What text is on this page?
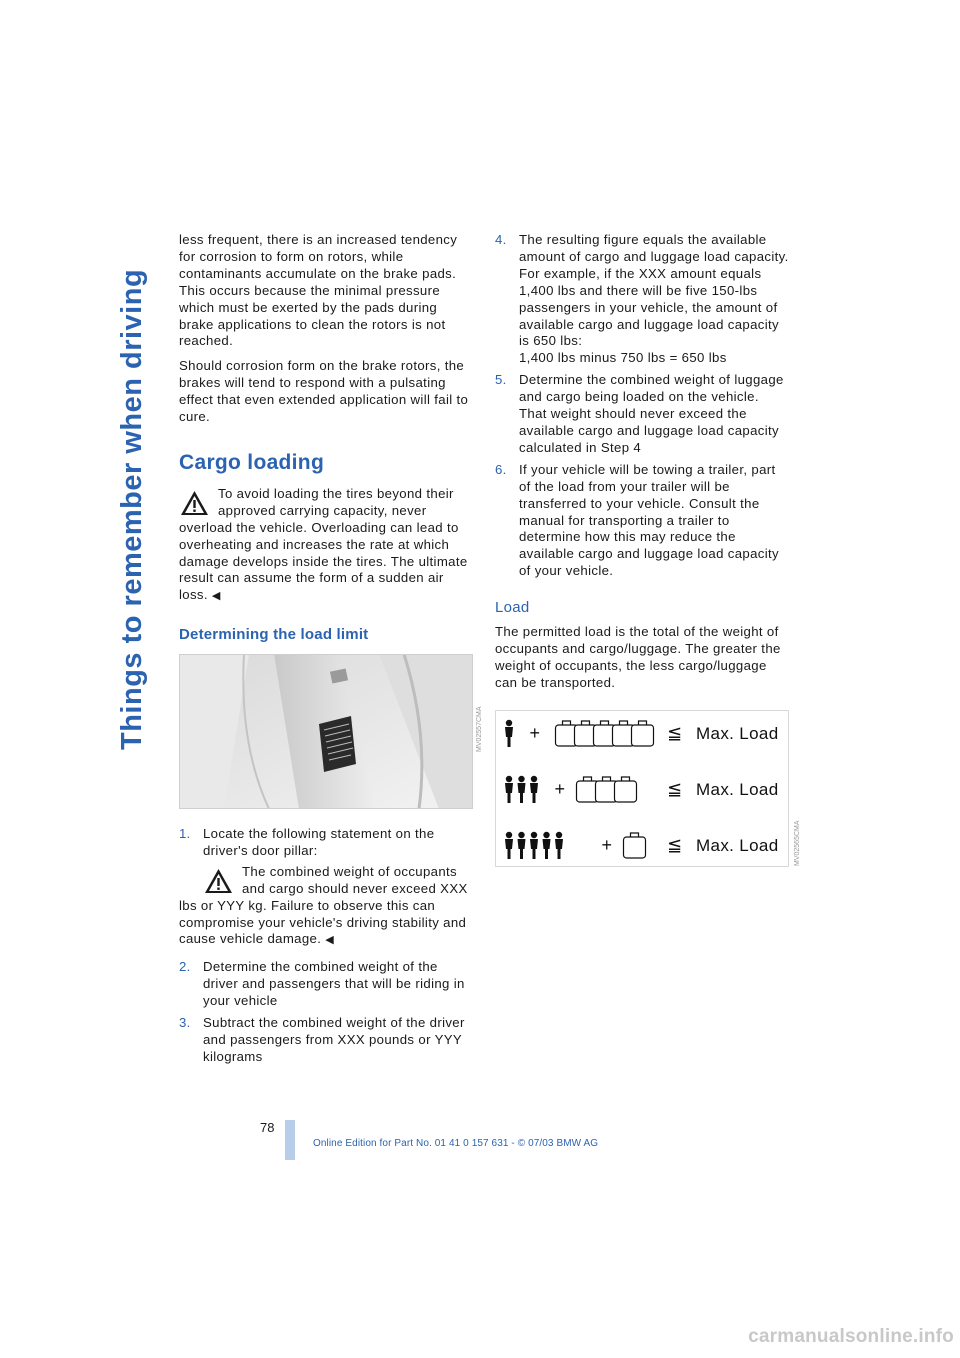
Things to remember when driving

less frequent, there is an increased tendency for corrosion to form on rotors, while contaminants accumulate on the brake pads. This occurs because the minimal pressure which must be exerted by the pads during brake applications to clean the rotors is not reached.

Should corrosion form on the brake rotors, the brakes will tend to respond with a pulsating effect that even extended application will fail to cure.

Cargo loading
To avoid loading the tires beyond their approved carrying capacity, never overload the vehicle. Overloading can lead to overheating and increases the rate at which damage develops inside the tires. The ultimate result can assume the form of a sudden air loss. ◀
Determining the load limit
1. Locate the following statement on the driver's door pillar:
The combined weight of occupants and cargo should never exceed XXX lbs or YYY kg. Failure to observe this can compromise your vehicle's driving stability and cause vehicle damage. ◀
2. Determine the combined weight of the driver and passengers that will be riding in your vehicle
3. Subtract the combined weight of the driver and passengers from XXX pounds or YYY kilograms
MV02557CMA
4. The resulting figure equals the available amount of cargo and luggage load capacity.
For example, if the XXX amount equals 1,400 lbs and there will be five 150-lbs passengers in your vehicle, the amount of available cargo and luggage load capacity is 650 lbs:
1,400 lbs minus 750 lbs = 650 lbs
5. Determine the combined weight of luggage and cargo being loaded on the vehicle. That weight should never exceed the available cargo and luggage load capacity calculated in Step 4
6. If your vehicle will be towing a trailer, part of the load from your trailer will be transferred to your vehicle. Consult the manual for transporting a trailer to determine how this may reduce the available cargo and luggage load capacity of your vehicle.
Load

The permitted load is the total of the weight of occupants and cargo/luggage. The greater the weight of occupants, the less cargo/luggage can be transported.

+	≦ Max. Load
+	≦ Max. Load
+	≦ Max. Load MV02565CMA
78
Online Edition for Part No. 01 41 0 157 631 - © 07/03 BMW AG
carmanualsonline.info
